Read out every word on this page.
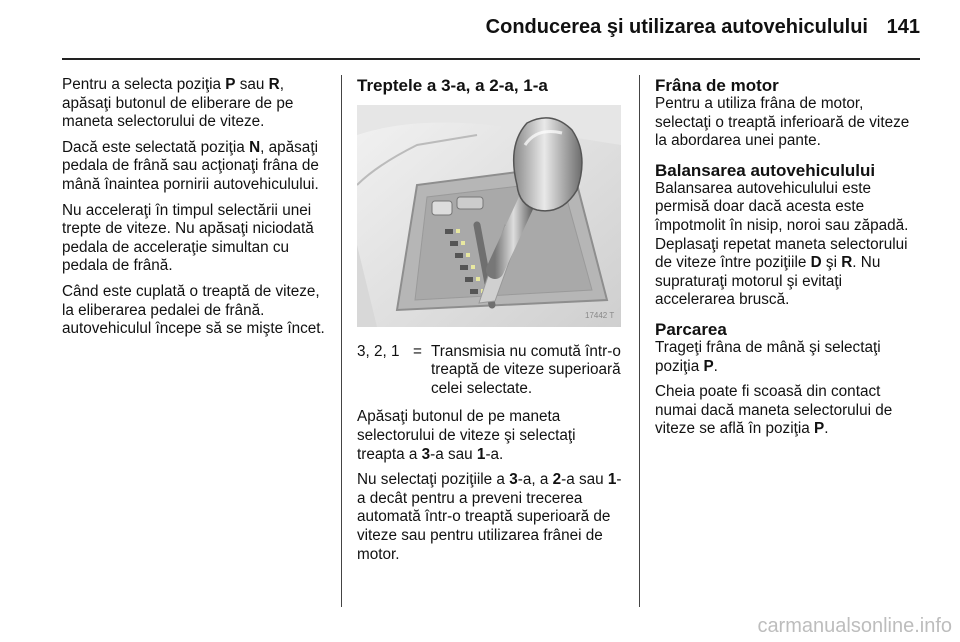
Conducerea şi utilizarea autovehiculului 141

Pentru a selecta poziţia P sau R, apăsaţi butonul de eliberare de pe maneta selectorului de viteze.

Dacă este selectată poziţia N, apăsaţi pedala de frână sau acţionaţi frâna de mână înaintea pornirii autovehiculului.

Nu acceleraţi în timpul selectării unei trepte de viteze. Nu apăsaţi niciodată pedala de acceleraţie simultan cu pedala de frână.

Când este cuplată o treaptă de viteze, la eliberarea pedalei de frână. autovehiculul începe să se mişte încet.

Treptele a 3-a, a 2-a, 1-a
17442 T
3, 2, 1 = Transmisia nu comută într-o treaptă de viteze superioară celei selectate.

Apăsaţi butonul de pe maneta selectorului de viteze şi selectaţi treapta a 3-a sau 1-a.

Nu selectaţi poziţiile a 3-a, a 2-a sau 1-a decât pentru a preveni trecerea automată într-o treaptă superioară de viteze sau pentru utilizarea frânei de motor.

Frâna de motor

Pentru a utiliza frâna de motor, selectaţi o treaptă inferioară de viteze la abordarea unei pante.

Balansarea autovehiculului

Balansarea autovehiculului este permisă doar dacă acesta este împotmolit în nisip, noroi sau zăpadă. Deplasaţi repetat maneta selectorului de viteze între poziţiile D şi R. Nu supraturaţi motorul şi evitaţi accelerarea bruscă.

Parcarea

Trageţi frâna de mână şi selectaţi poziţia P.

Cheia poate fi scoasă din contact numai dacă maneta selectorului de viteze se află în poziţia P.

carmanualsonline.info
